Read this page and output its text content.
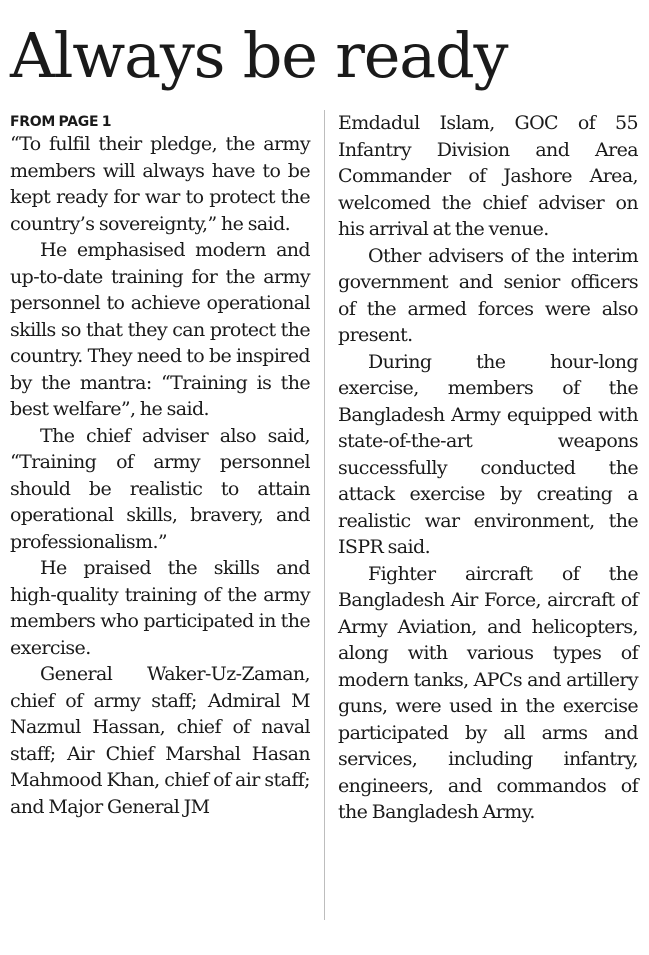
Always be ready
FROM PAGE 1

“To fulfil their pledge, the army members will always have to be kept ready for war to protect the country’s sovereignty,” he said.

He emphasised modern and up-to-date training for the army personnel to achieve operational skills so that they can protect the country. They need to be inspired by the mantra: “Training is the best welfare”, he said.

The chief adviser also said, “Training of army personnel should be realistic to attain operational skills, bravery, and professionalism.”

He praised the skills and high-quality training of the army members who participated in the exercise.

General Waker-Uz-Zaman, chief of army staff; Admiral M Nazmul Hassan, chief of naval staff; Air Chief Marshal Hasan Mahmood Khan, chief of air staff; and Major General JM

Emdadul Islam, GOC of 55 Infantry Division and Area Commander of Jashore Area, welcomed the chief adviser on his arrival at the venue.

Other advisers of the interim government and senior officers of the armed forces were also present.

During the hour-long exercise, members of the Bangladesh Army equipped with state-of-the-art weapons successfully conducted the attack exercise by creating a realistic war environment, the ISPR said.

Fighter aircraft of the Bangladesh Air Force, aircraft of Army Aviation, and helicopters, along with various types of modern tanks, APCs and artillery guns, were used in the exercise participated by all arms and services, including infantry, engineers, and commandos of the Bangladesh Army.
